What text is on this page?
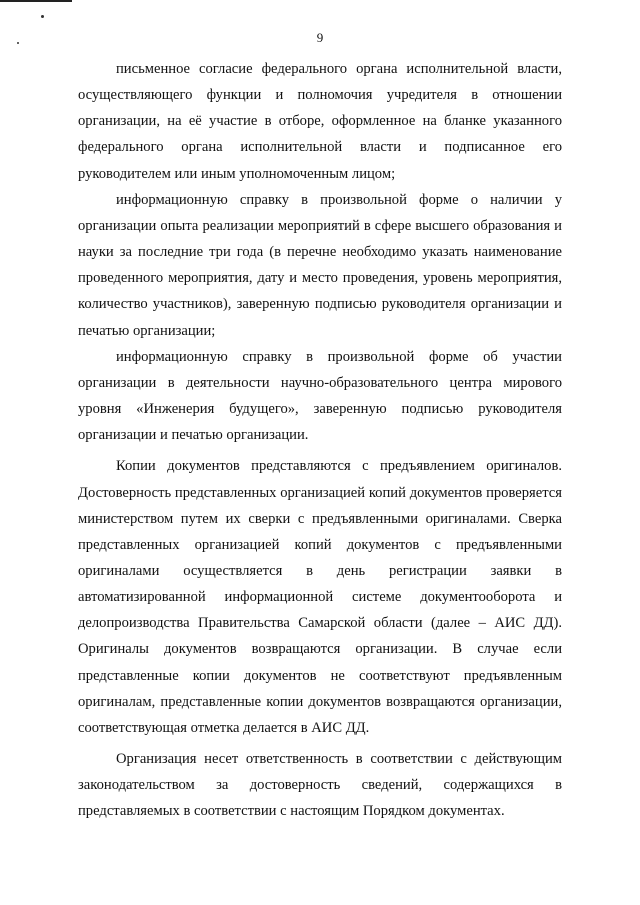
9

письменное согласие федерального органа исполнительной власти, осуществляющего функции и полномочия учредителя в отношении организации, на её участие в отборе, оформленное на бланке указанного федерального органа исполнительной власти и подписанное его руководителем или иным уполномоченным лицом;

информационную справку в произвольной форме о наличии у организации опыта реализации мероприятий в сфере высшего образования и науки за последние три года (в перечне необходимо указать наименование проведенного мероприятия, дату и место проведения, уровень мероприятия, количество участников), заверенную подписью руководителя организации и печатью организации;

информационную справку в произвольной форме об участии организации в деятельности научно-образовательного центра мирового уровня «Инженерия будущего», заверенную подписью руководителя организации и печатью организации.

Копии документов представляются с предъявлением оригиналов. Достоверность представленных организацией копий документов проверяется министерством путем их сверки с предъявленными оригиналами. Сверка представленных организацией копий документов с предъявленными оригиналами осуществляется в день регистрации заявки в автоматизированной информационной системе документооборота и делопроизводства Правительства Самарской области (далее – АИС ДД). Оригиналы документов возвращаются организации. В случае если представленные копии документов не соответствуют предъявленным оригиналам, представленные копии документов возвращаются организации, соответствующая отметка делается в АИС ДД.

Организация несет ответственность в соответствии с действующим законодательством за достоверность сведений, содержащихся в представляемых в соответствии с настоящим Порядком документах.
